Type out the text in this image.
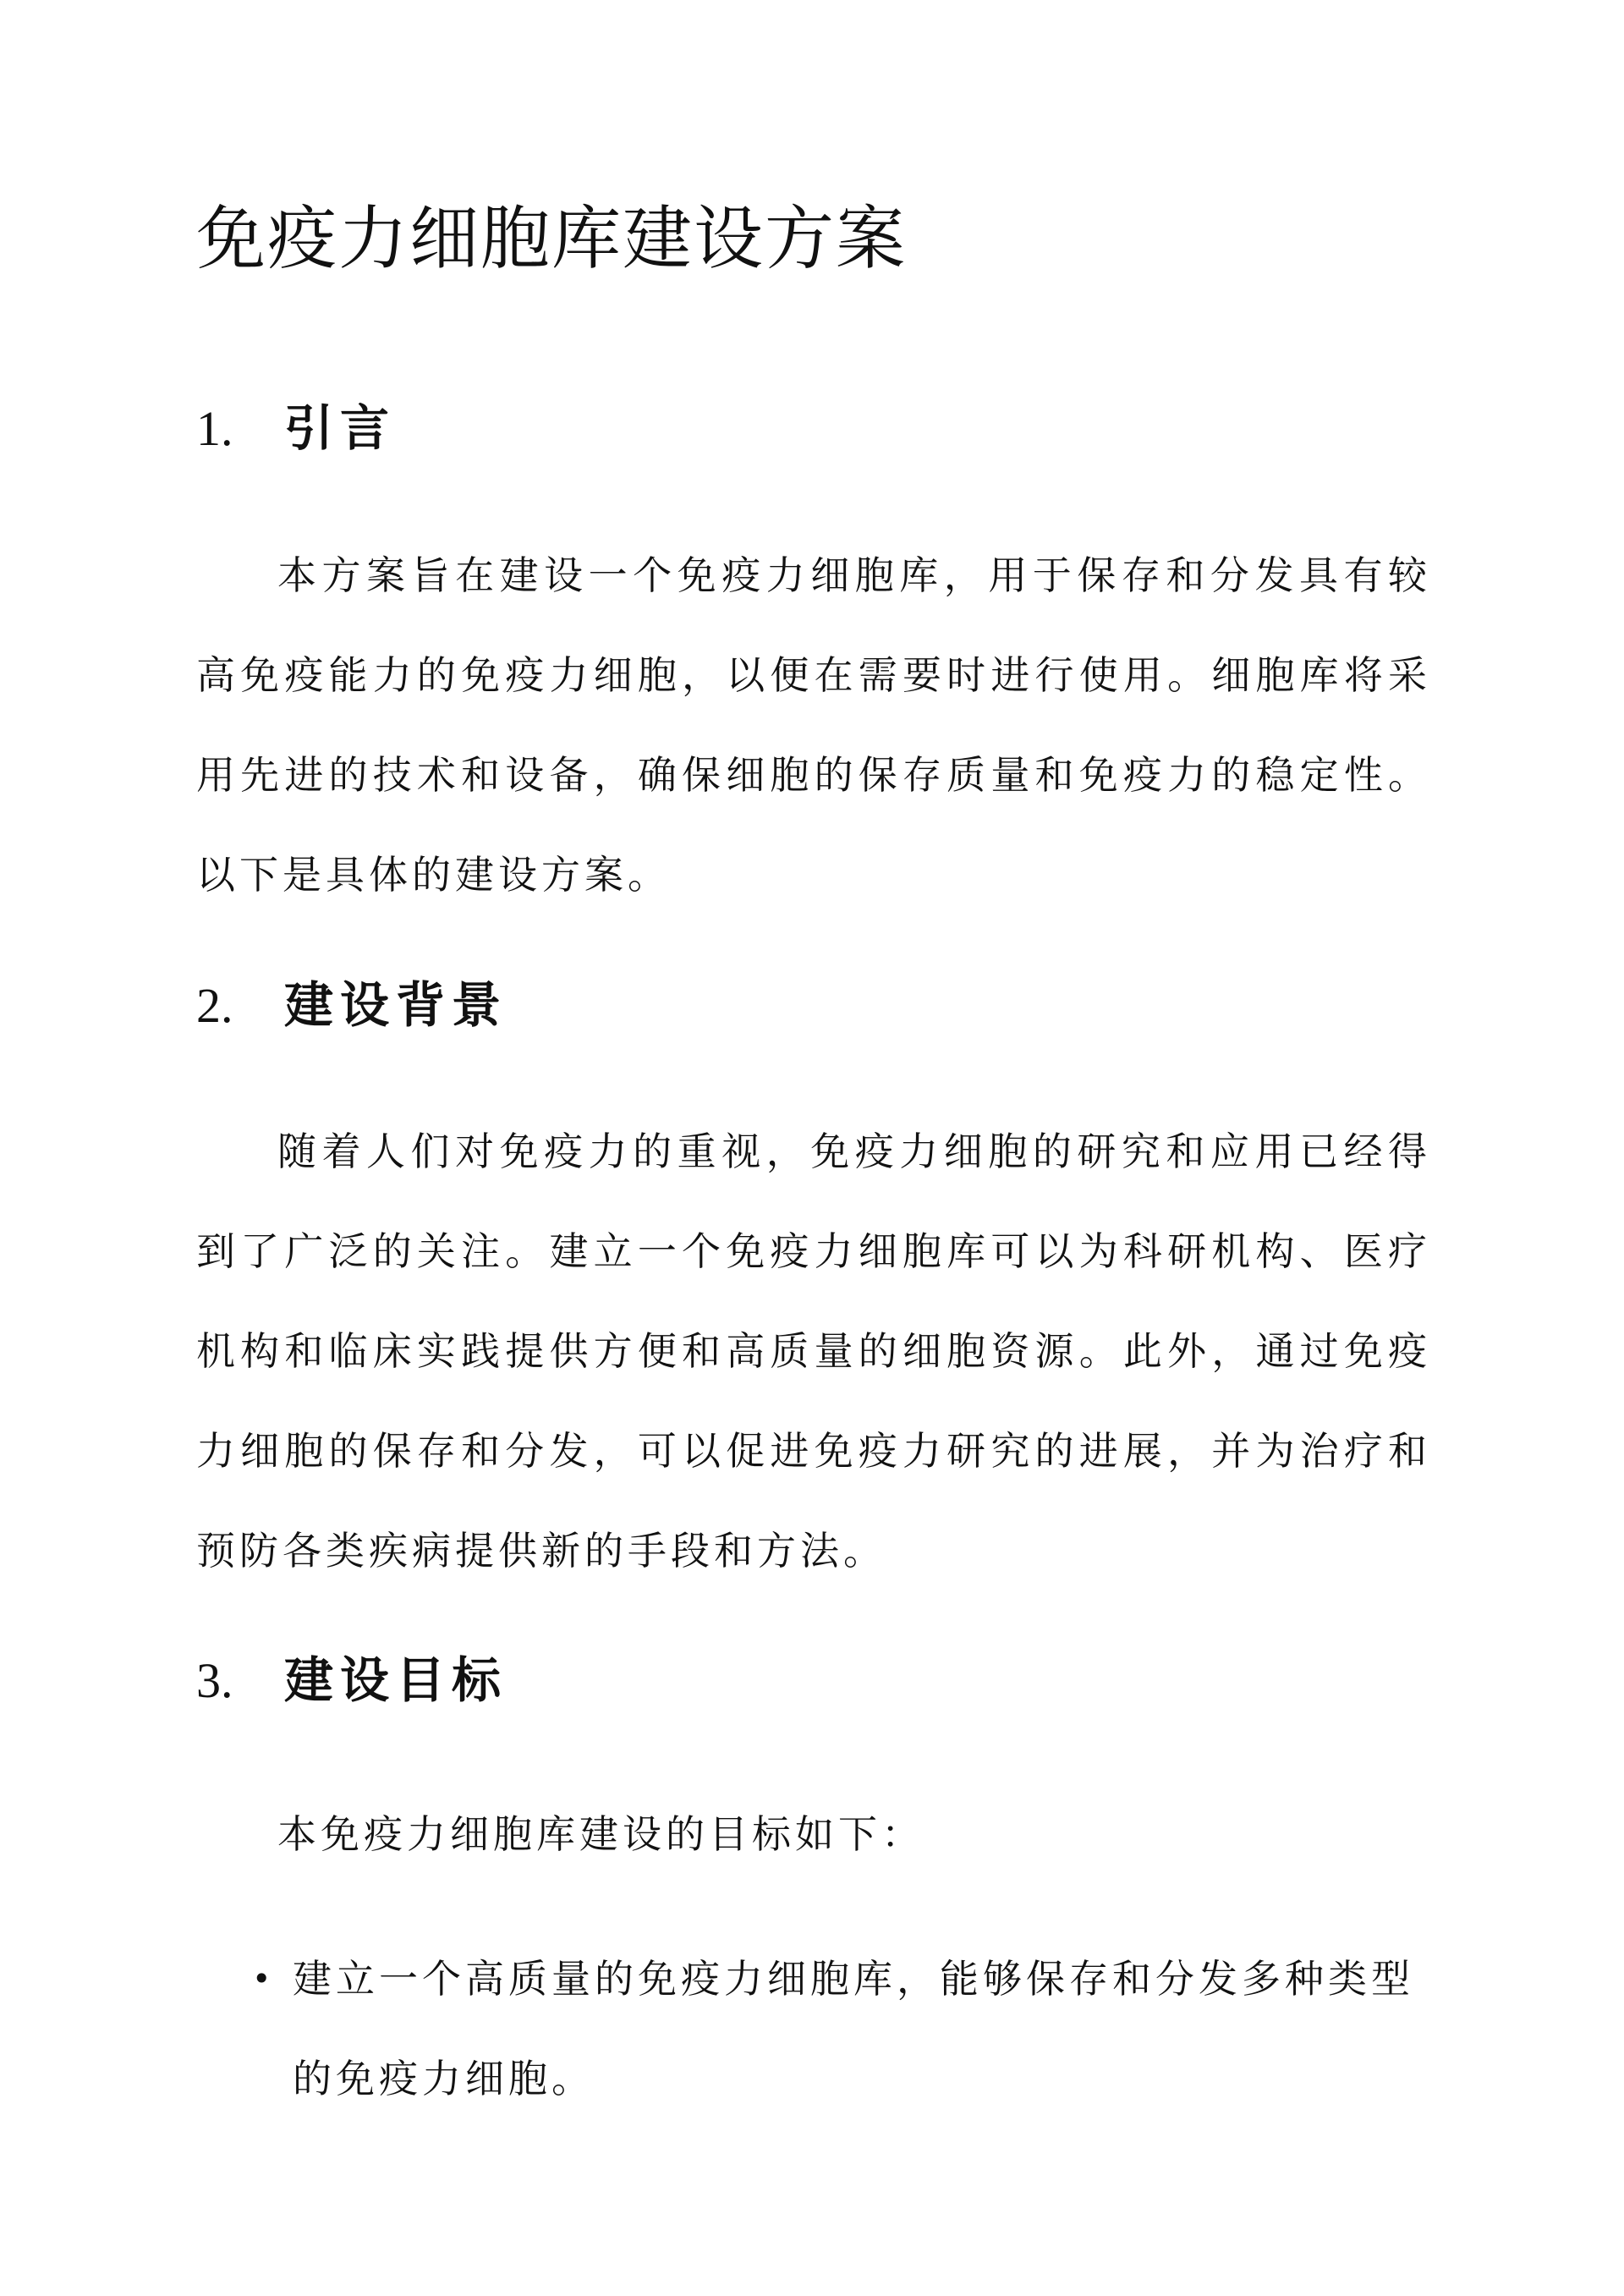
免疫力细胞库建设方案
1. 引言

本方案旨在建设一个免疫力细胞库，用于保存和分发具有较高免疫能力的免疫力细胞，以便在需要时进行使用。细胞库将采用先进的技术和设备，确保细胞的保存质量和免疫力的稳定性。以下是具体的建设方案。

2. 建设背景

随着人们对免疫力的重视，免疫力细胞的研究和应用已经得到了广泛的关注。建立一个免疫力细胞库可以为科研机构、医疗机构和临床实践提供方便和高质量的细胞资源。此外，通过免疫力细胞的保存和分发，可以促进免疫力研究的进展，并为治疗和预防各类疾病提供新的手段和方法。

3. 建设目标

本免疫力细胞库建设的目标如下：

• 建立一个高质量的免疫力细胞库，能够保存和分发多种类型的免疫力细胞。
